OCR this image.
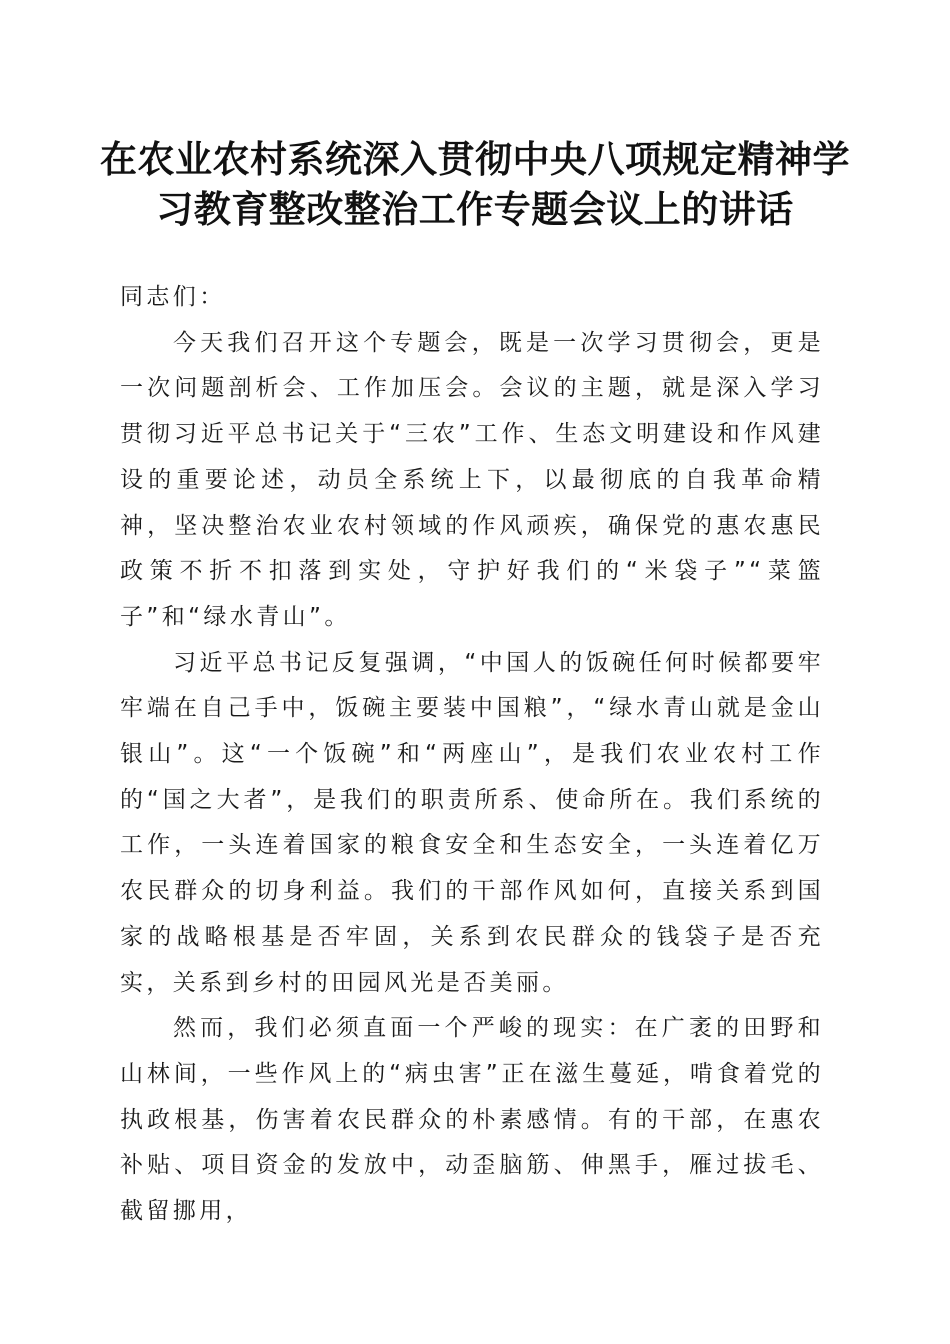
在农业农村系统深入贯彻中央八项规定精神学
习教育整改整治工作专题会议上的讲话

同志们：

今天我们召开这个专题会，既是一次学习贯彻会，更是一次问题剖析会、工作加压会。会议的主题，就是深入学习贯彻习近平总书记关于“三农”工作、生态文明建设和作风建设的重要论述，动员全系统上下，以最彻底的自我革命精神，坚决整治农业农村领域的作风顽疾，确保党的惠农惠民政策不折不扣落到实处，守护好我们的“米袋子”“菜篮子”和“绿水青山”。

习近平总书记反复强调，“中国人的饭碗任何时候都要牢牢端在自己手中，饭碗主要装中国粮”，“绿水青山就是金山银山”。这“一个饭碗”和“两座山”，是我们农业农村工作的“国之大者”，是我们的职责所系、使命所在。我们系统的工作，一头连着国家的粮食安全和生态安全，一头连着亿万农民群众的切身利益。我们的干部作风如何，直接关系到国家的战略根基是否牢固，关系到农民群众的钱袋子是否充实，关系到乡村的田园风光是否美丽。

然而，我们必须直面一个严峻的现实：在广袤的田野和山林间，一些作风上的“病虫害”正在滋生蔓延，啃食着党的执政根基，伤害着农民群众的朴素感情。有的干部，在惠农补贴、项目资金的发放中，动歪脑筋、伸黑手，雁过拔毛、截留挪用，
